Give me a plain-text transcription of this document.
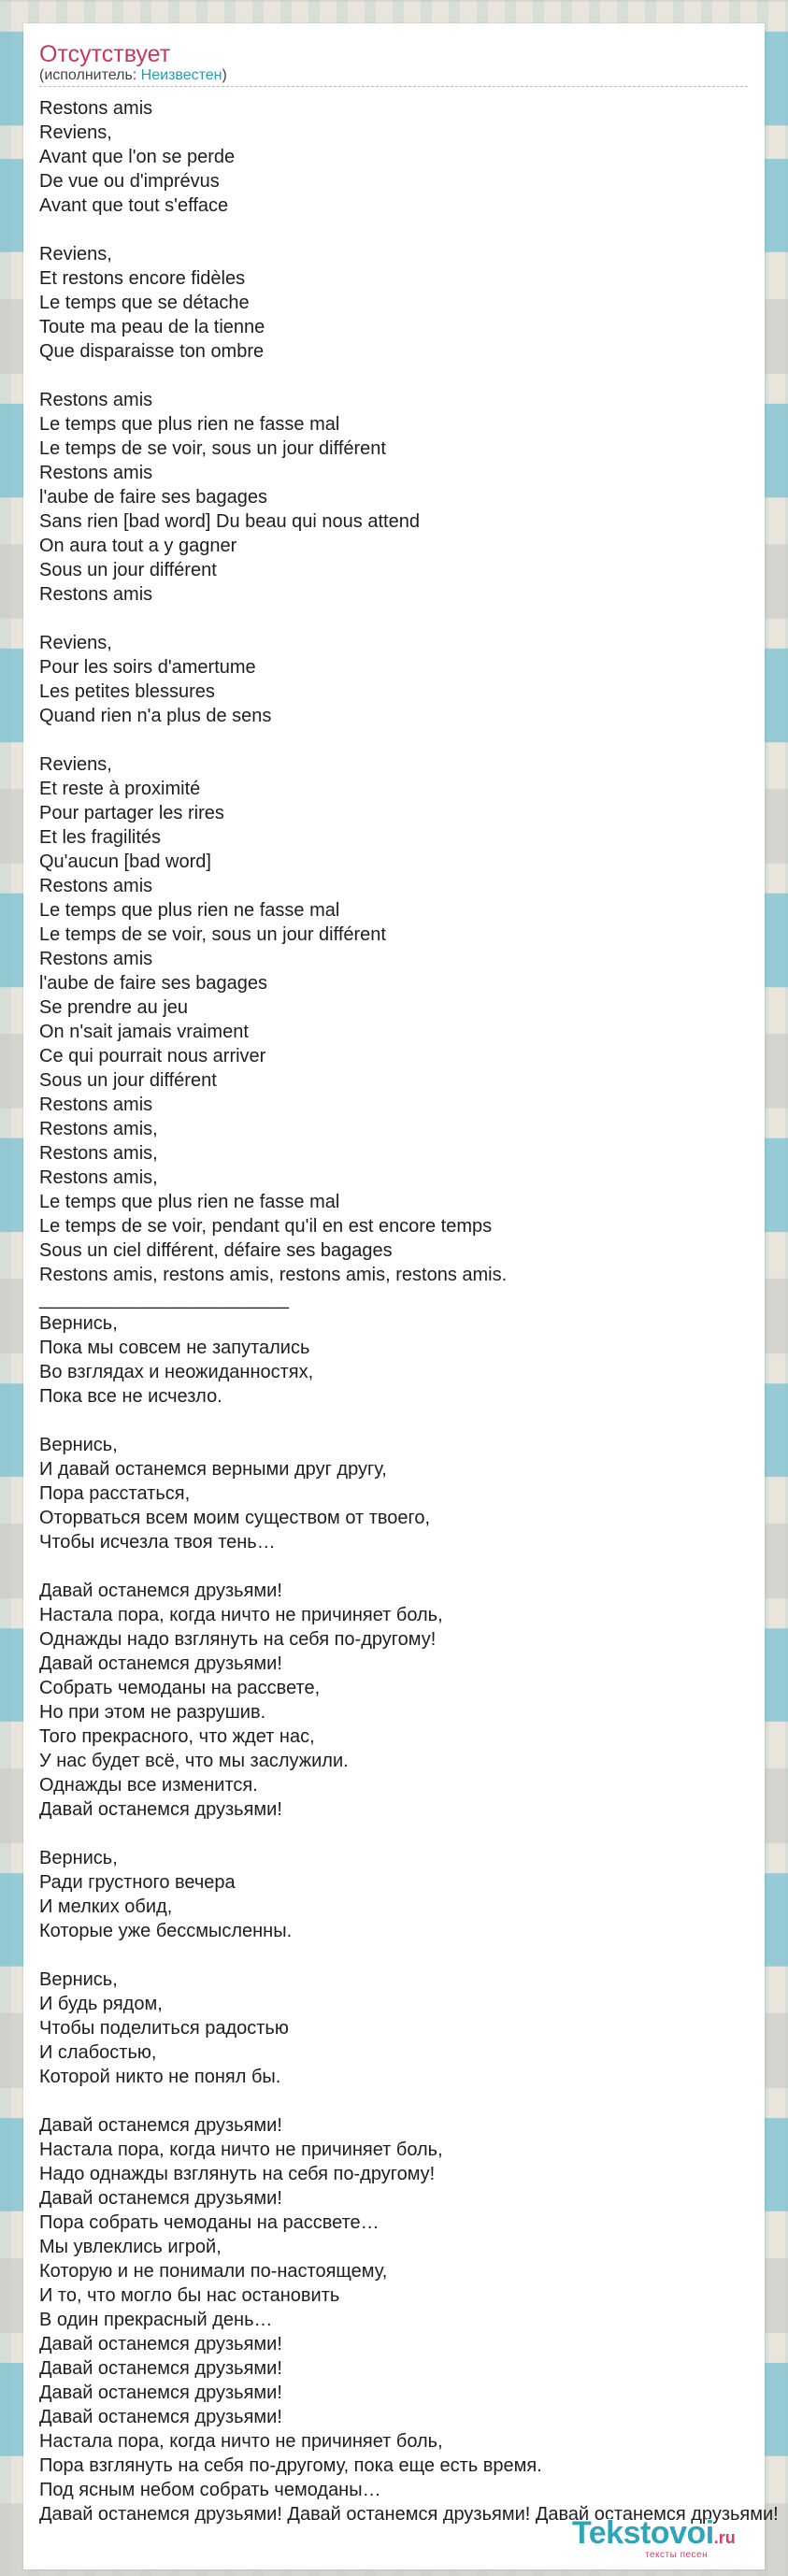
Отсутствует
(исполнитель: Неизвестен)
Restons amis
Reviens,
Avant que l'on se perde
De vue ou d'imprévus
Avant que tout s'efface
Reviens,
Et restons encore fidèles
Le temps que se détache
Toute ma peau de la tienne
Que disparaisse ton ombre
Restons amis
Le temps que plus rien ne fasse mal
Le temps de se voir, sous un jour différent
Restons amis
l'aube de faire ses bagages
Sans rien [bad word] Du beau qui nous attend
On aura tout a y gagner
Sous un jour différent
Restons amis
Reviens,
Pour les soirs d'amertume
Les petites blessures
Quand rien n'a plus de sens
Reviens,
Et reste à proximité
Pour partager les rires
Et les fragilités
Qu'aucun [bad word]
Restons amis
Le temps que plus rien ne fasse mal
Le temps de se voir, sous un jour différent
Restons amis
l'aube de faire ses bagages
Se prendre au jeu
On n'sait jamais vraiment
Ce qui pourrait nous arriver
Sous un jour différent
Restons amis
Restons amis,
Restons amis,
Restons amis,
Le temps que plus rien ne fasse mal
Le temps de se voir, pendant qu'il en est encore temps
Sous un ciel différent, défaire ses bagages
Restons amis, restons amis, restons amis, restons amis.
________________________
Вернись,
Пока мы совсем не запутались
Во взглядах и неожиданностях,
Пока все не исчезло.
Вернись,
И давай останемся верными друг другу,
Пора расстаться,
Оторваться всем моим существом от твоего,
Чтобы исчезла твоя тень…
Давай останемся друзьями!
Настала пора, когда ничто не причиняет боль,
Однажды надо взглянуть на себя по-другому!
Давай останемся друзьями!
Собрать чемоданы на рассвете,
Но при этом не разрушив.
Того прекрасного, что ждет нас,
У нас будет всё, что мы заслужили.
Однажды все изменится.
Давай останемся друзьями!
Вернись,
Ради грустного вечера
И мелких обид,
Которые уже бессмысленны.
Вернись,
И будь рядом,
Чтобы поделиться радостью
И слабостью,
Которой никто не понял бы.
Давай останемся друзьями!
Настала пора, когда ничто не причиняет боль,
Надо однажды взглянуть на себя по-другому!
Давай останемся друзьями!
Пора собрать чемоданы на рассвете…
Мы увлеклись игрой,
Которую и не понимали по-настоящему,
И то, что могло бы нас остановить
В один прекрасный день…
Давай останемся друзьями!
Давай останемся друзьями!
Давай останемся друзьями!
Давай останемся друзьями!
Настала пора, когда ничто не причиняет боль,
Пора взглянуть на себя по-другому, пока еще есть время.
Под ясным небом собрать чемоданы…
Давай останемся друзьями! Давай останемся друзьями! Давай останемся друзьями!
Tekstovoi.ru
тексты песен
